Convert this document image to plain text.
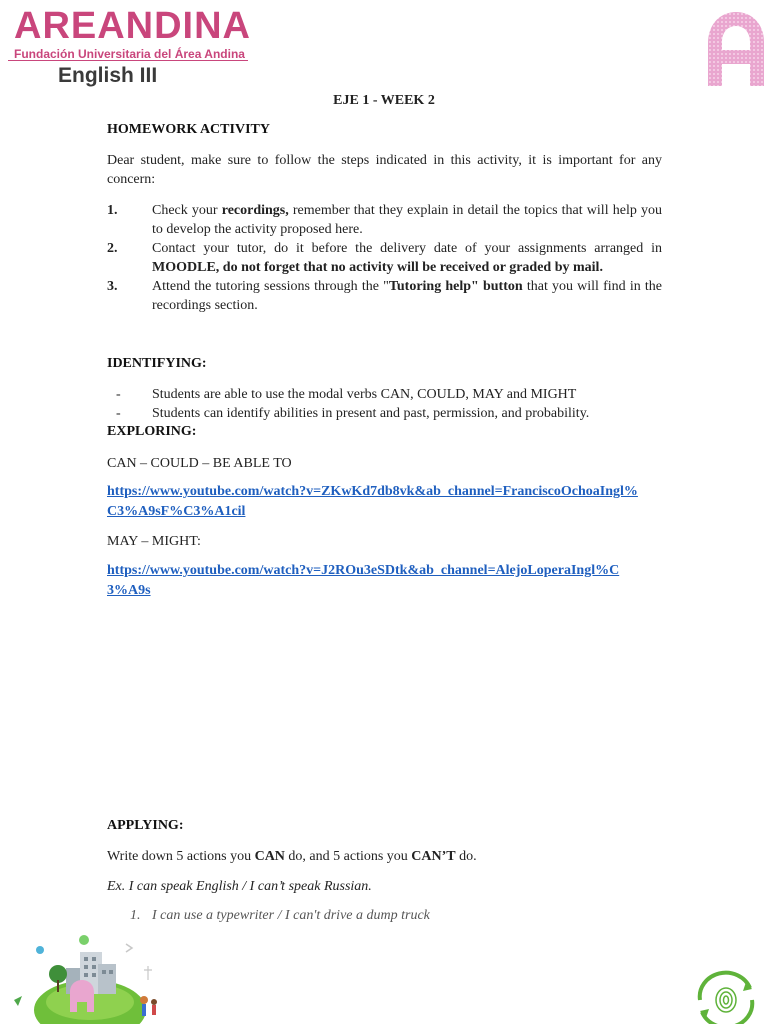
AREANDINA

Fundación Universitaria del Área Andina

English III
EJE 1 - WEEK 2
HOMEWORK ACTIVITY
Dear student, make sure to follow the steps indicated in this activity, it is important for any concern:
1. Check your recordings, remember that they explain in detail the topics that will help you to develop the activity proposed here.
2. Contact your tutor, do it before the delivery date of your assignments arranged in MOODLE, do not forget that no activity will be received or graded by mail.
3. Attend the tutoring sessions through the "Tutoring help" button that you will find in the recordings section.
IDENTIFYING:
- Students are able to use the modal verbs CAN, COULD, MAY and MIGHT
- Students can identify abilities in present and past, permission, and probability.
EXPLORING:
CAN – COULD – BE ABLE TO
https://www.youtube.com/watch?v=ZKwKd7db8vk&ab_channel=FranciscoOchoaIngl%C3%A9sF%C3%A1cil
MAY – MIGHT:
https://www.youtube.com/watch?v=J2ROu3eSDtk&ab_channel=AlejoLoperaIngl%C3%A9s
APPLYING:
Write down 5 actions you CAN do, and 5 actions you CAN’T do.
Ex. I can speak English / I can’t speak Russian.
1. I can use a typewriter / I can't drive a dump truck
